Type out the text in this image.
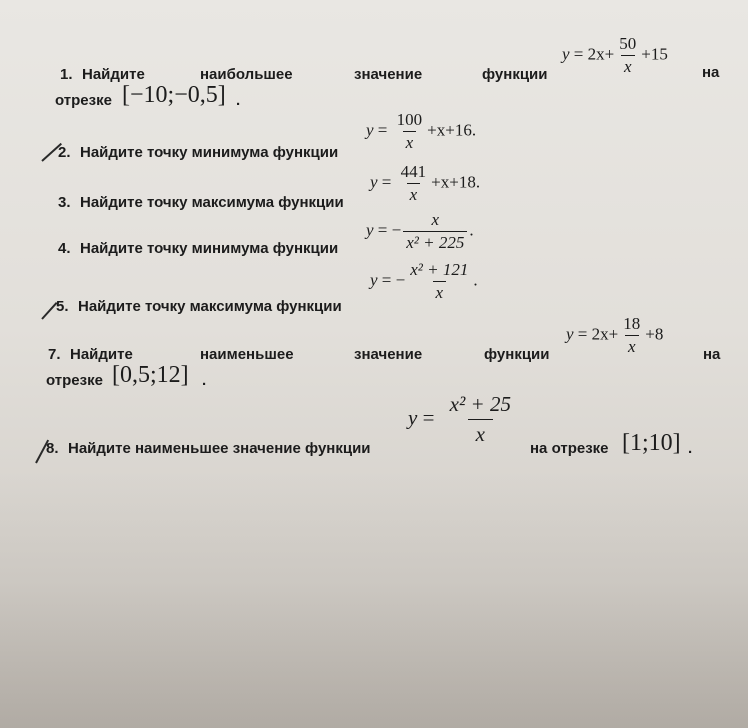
1. Найдите	наибольшее	значение	функции
$y = 2x+ \frac{50}{x} +15$
на
отрезке [−10;−0,5] .
2. Найдите точку минимума функции
$y = \frac{100}{x} +x+16$.
3. Найдите точку максимума функции
$y = \frac{441}{x} +x+18$.
4. Найдите точку минимума функции
y = − $\frac{x}{\text{x² + 225}}$ .
5. Найдите точку максимума функции
y = − $\frac{\text{x² + 121}}{x}$ .
7. Найдите	наименьшее	значение	функции
$y = 2x+ \frac{18}{x} +8$
на
отрезке [0,5;12] .
8. Найдите наименьшее значение функции
$y = \frac{\text{x² + 25}}{x}$
на отрезке [1;10] .
